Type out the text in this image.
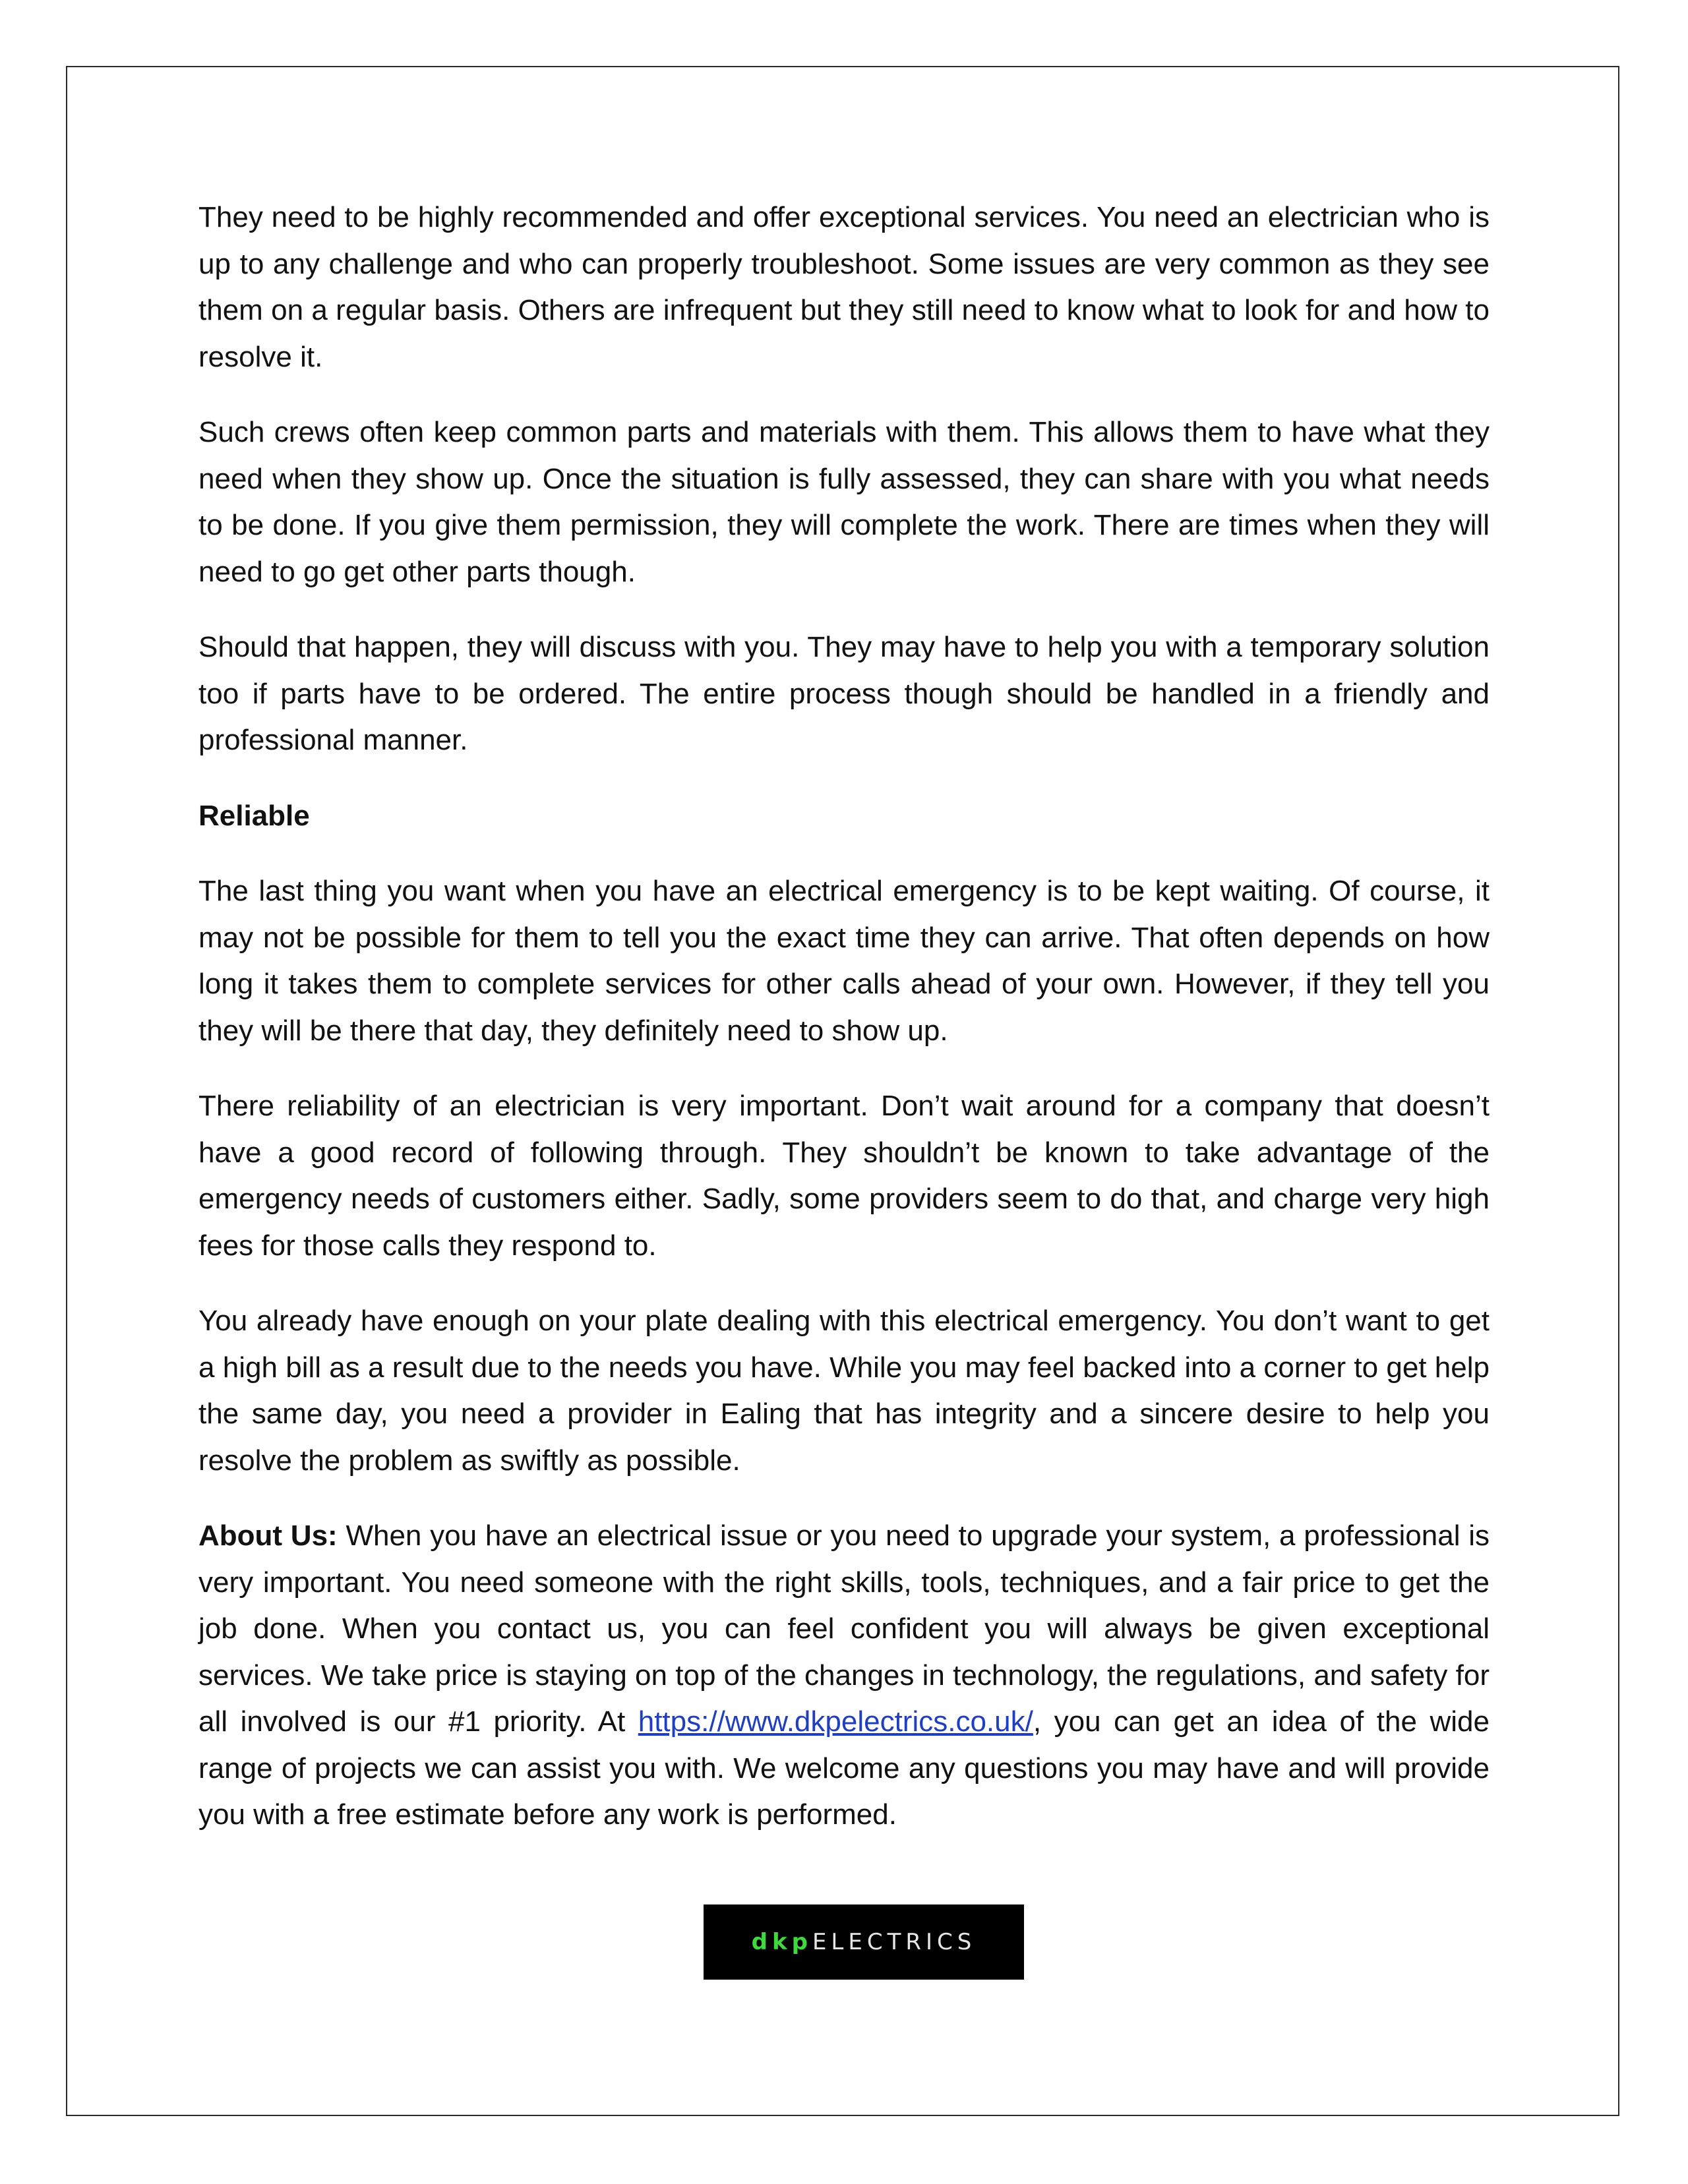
They need to be highly recommended and offer exceptional services. You need an electrician who is up to any challenge and who can properly troubleshoot. Some issues are very common as they see them on a regular basis. Others are infrequent but they still need to know what to look for and how to resolve it.

Such crews often keep common parts and materials with them. This allows them to have what they need when they show up. Once the situation is fully assessed, they can share with you what needs to be done. If you give them permission, they will complete the work. There are times when they will need to go get other parts though.

Should that happen, they will discuss with you. They may have to help you with a temporary solution too if parts have to be ordered. The entire process though should be handled in a friendly and professional manner.

Reliable

The last thing you want when you have an electrical emergency is to be kept waiting. Of course, it may not be possible for them to tell you the exact time they can arrive. That often depends on how long it takes them to complete services for other calls ahead of your own. However, if they tell you they will be there that day, they definitely need to show up.

There reliability of an electrician is very important. Don’t wait around for a company that doesn’t have a good record of following through. They shouldn’t be known to take advantage of the emergency needs of customers either. Sadly, some providers seem to do that, and charge very high fees for those calls they respond to.

You already have enough on your plate dealing with this electrical emergency. You don’t want to get a high bill as a result due to the needs you have. While you may feel backed into a corner to get help the same day, you need a provider in Ealing that has integrity and a sincere desire to help you resolve the problem as swiftly as possible.

About Us: When you have an electrical issue or you need to upgrade your system, a professional is very important. You need someone with the right skills, tools, techniques, and a fair price to get the job done. When you contact us, you can feel confident you will always be given exceptional services. We take price is staying on top of the changes in technology, the regulations, and safety for all involved is our #1 priority. At https://www.dkpelectrics.co.uk/, you can get an idea of the wide range of projects we can assist you with. We welcome any questions you may have and will provide you with a free estimate before any work is performed.

dkp ELECTRICS
